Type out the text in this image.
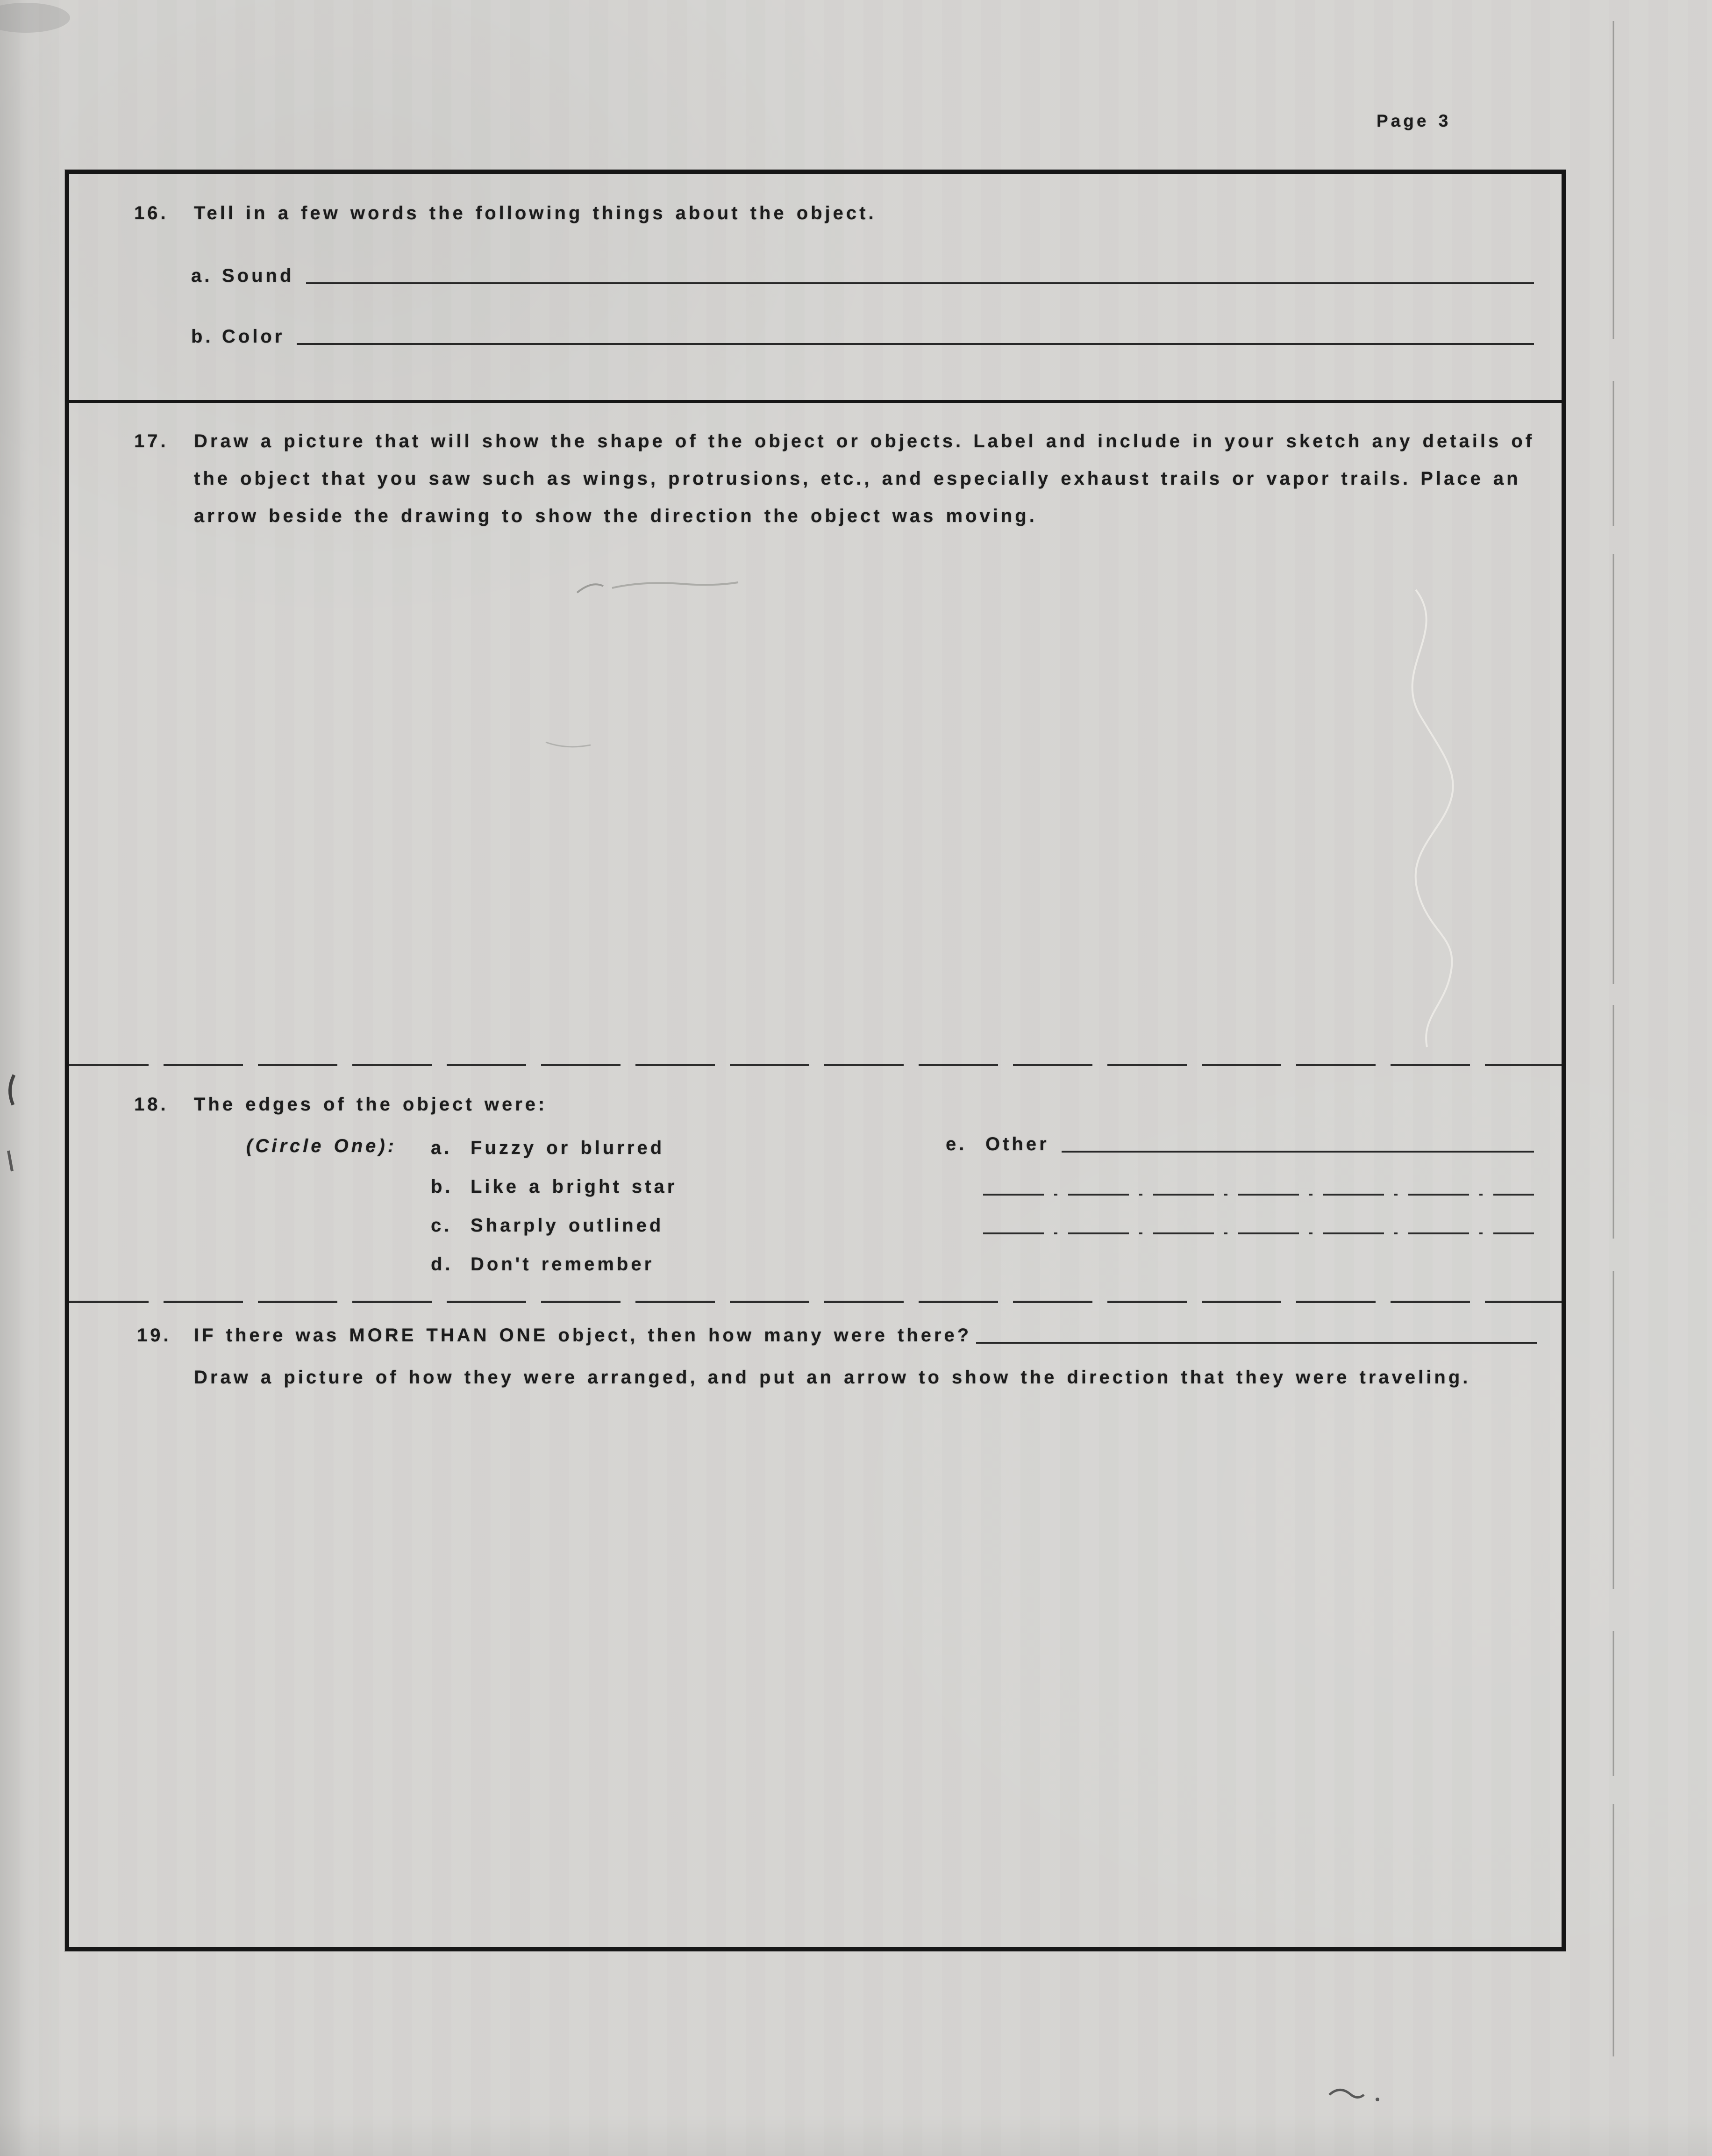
Page 3
16.	Tell in a few words the following things about the object.
a. Sound
b. Color
17.	Draw a picture that will show the shape of the object or objects. Label and include in your sketch any details of the object that you saw such as wings, protrusions, etc., and especially exhaust trails or vapor trails. Place an arrow beside the drawing to show the direction the object was moving.
18.	The edges of the object were:
(Circle One): a. Fuzzy or blurred
b. Like a bright star
c. Sharply outlined
d. Don't remember
e. Other
19.	IF there was MORE THAN ONE object, then how many were there?
Draw a picture of how they were arranged, and put an arrow to show the direction that they were traveling.
